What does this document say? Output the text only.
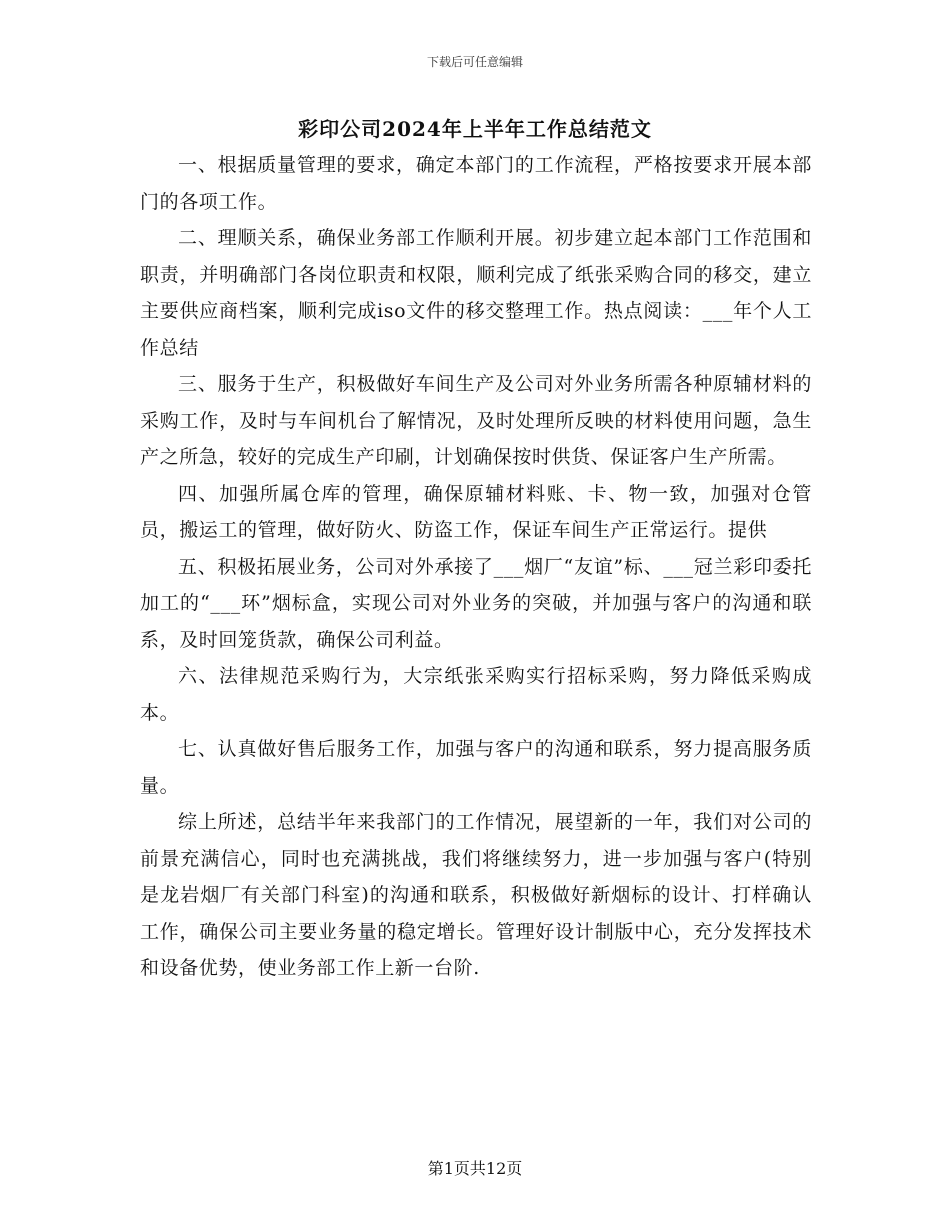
下载后可任意编辑
彩印公司2024年上半年工作总结范文

一、根据质量管理的要求，确定本部门的工作流程，严格按要求开展本部门的各项工作。

二、理顺关系，确保业务部工作顺利开展。初步建立起本部门工作范围和职责，并明确部门各岗位职责和权限，顺利完成了纸张采购合同的移交，建立主要供应商档案，顺利完成iso文件的移交整理工作。热点阅读：___年个人工作总结

三、服务于生产，积极做好车间生产及公司对外业务所需各种原辅材料的采购工作，及时与车间机台了解情况，及时处理所反映的材料使用问题，急生产之所急，较好的完成生产印刷，计划确保按时供货、保证客户生产所需。

四、加强所属仓库的管理，确保原辅材料账、卡、物一致，加强对仓管员，搬运工的管理，做好防火、防盗工作，保证车间生产正常运行。提供

五、积极拓展业务，公司对外承接了___烟厂“友谊”标、___冠兰彩印委托加工的“___环”烟标盒，实现公司对外业务的突破，并加强与客户的沟通和联系，及时回笼货款，确保公司利益。

六、法律规范采购行为，大宗纸张采购实行招标采购，努力降低采购成本。

七、认真做好售后服务工作，加强与客户的沟通和联系，努力提高服务质量。

综上所述，总结半年来我部门的工作情况，展望新的一年，我们对公司的前景充满信心，同时也充满挑战，我们将继续努力，进一步加强与客户(特别是龙岩烟厂有关部门科室)的沟通和联系，积极做好新烟标的设计、打样确认工作，确保公司主要业务量的稳定增长。管理好设计制版中心，充分发挥技术和设备优势，使业务部工作上新一台阶.

第1页共12页
